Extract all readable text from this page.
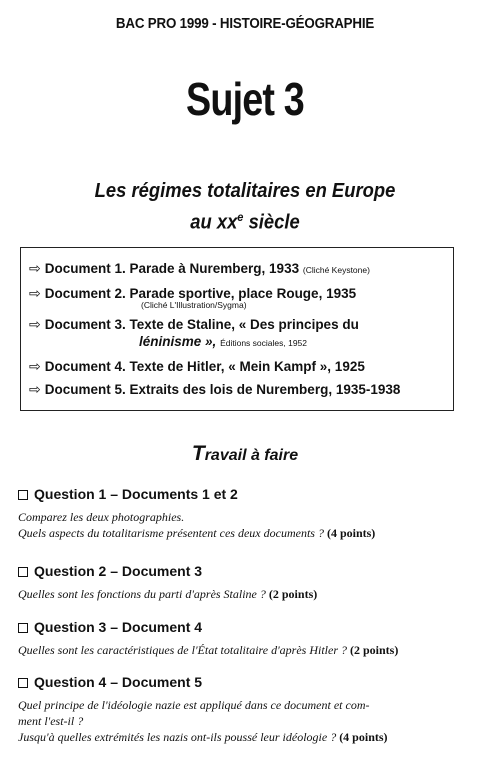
BAC PRO 1999 - HISTOIRE-GÉOGRAPHIE
Sujet 3
Les régimes totalitaires en Europe
au $xx^e$ siècle
⇨ Document 1. Parade à Nuremberg, 1933 (Cliché Keystone)
⇨ Document 2. Parade sportive, place Rouge, 1935
(Cliché L'Illustration/Sygma)
⇨ Document 3. Texte de Staline, « Des principes du
léninisme », Éditions sociales, 1952
⇨ Document 4. Texte de Hitler, « Mein Kampf », 1925
⇨ Document 5. Extraits des lois de Nuremberg, 1935-1938
Travail à faire
Question 1 – Documents 1 et 2
Comparez les deux photographies.
Quels aspects du totalitarisme présentent ces deux documents ? (4 points)
Question 2 – Document 3
Quelles sont les fonctions du parti d'après Staline ? (2 points)
Question 3 – Document 4
Quelles sont les caractéristiques de l'État totalitaire d'après Hitler ? (2 points)
Question 4 – Document 5
Quel principe de l'idéologie nazie est appliqué dans ce document et com-
ment l'est-il ?
Jusqu'à quelles extrémités les nazis ont-ils poussé leur idéologie ? (4 points)
